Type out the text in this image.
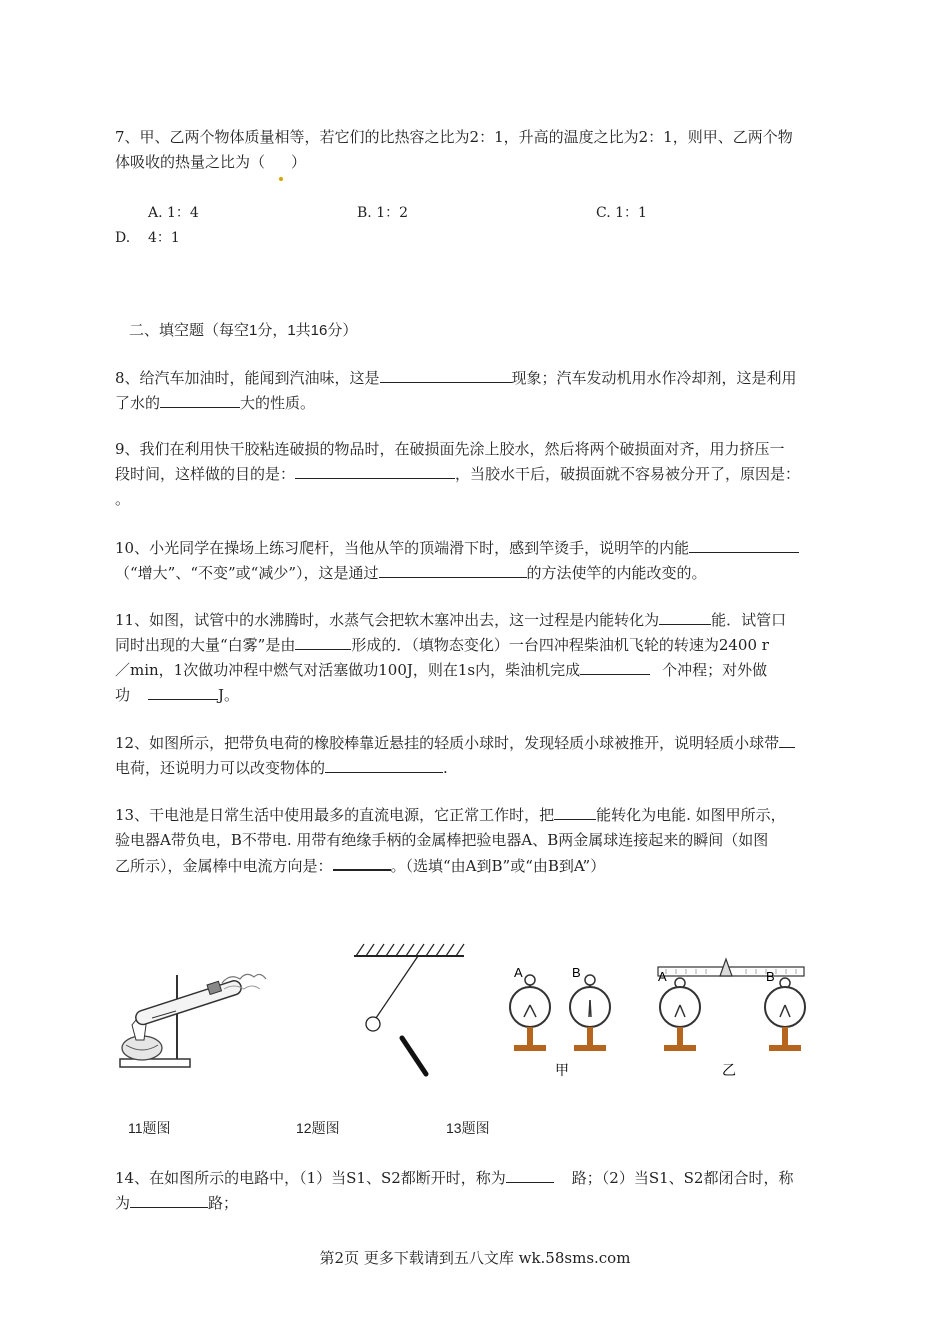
7、甲、乙两个物体质量相等，若它们的比热容之比为2：1，升高的温度之比为2：1，则甲、乙两个物
体吸收的热量之比为（ ）
A. 1：4	B. 1：2	C. 1：1
D.    4：1
二、填空题（每空1分，1共16分）
8、给汽车加油时，能闻到汽油味，这是	现象；汽车发动机用水作冷却剂，这是利用
了水的	大的性质。
9、我们在利用快干胶粘连破损的物品时，在破损面先涂上胶水，然后将两个破损面对齐，用力挤压一
段时间，这样做的目的是：	，当胶水干后，破损面就不容易被分开了，原因是：
。
10、小光同学在操场上练习爬杆，当他从竿的顶端滑下时，感到竿烫手，说明竿的内能
（“增大”、“不变”或“减少”），这是通过	的方法使竿的内能改变的。
11、如图，试管中的水沸腾时，水蒸气会把软木塞冲出去，这一过程是内能转化为	能．试管口
同时出现的大量“白雾”是由	形成的．（填物态变化）一台四冲程柴油机飞轮的转速为2400 r
／min，1次做功冲程中燃气对活塞做功100J，则在1s内，柴油机完成	个冲程；对外做
功	J。
12、如图所示，把带负电荷的橡胶棒靠近悬挂的轻质小球时，发现轻质小球被推开，说明轻质小球带
电荷，还说明力可以改变物体的	.
13、干电池是日常生活中使用最多的直流电源，它正常工作时，把	能转化为电能. 如图甲所示，
验电器A带负电，B不带电. 用带有绝缘手柄的金属棒把验电器A、B两金属球连接起来的瞬间（如图
乙所示），金属棒中电流方向是：	。（选填“由A到B”或“由B到A”）
A	B
甲
A	B
乙
11题图	12题图	13题图
14、在如图所示的电路中，（1）当S1、S2都断开时，称为	路；（2）当S1、S2都闭合时，称
为	路；
第2页 更多下载请到五八文库 wk.58sms.com
